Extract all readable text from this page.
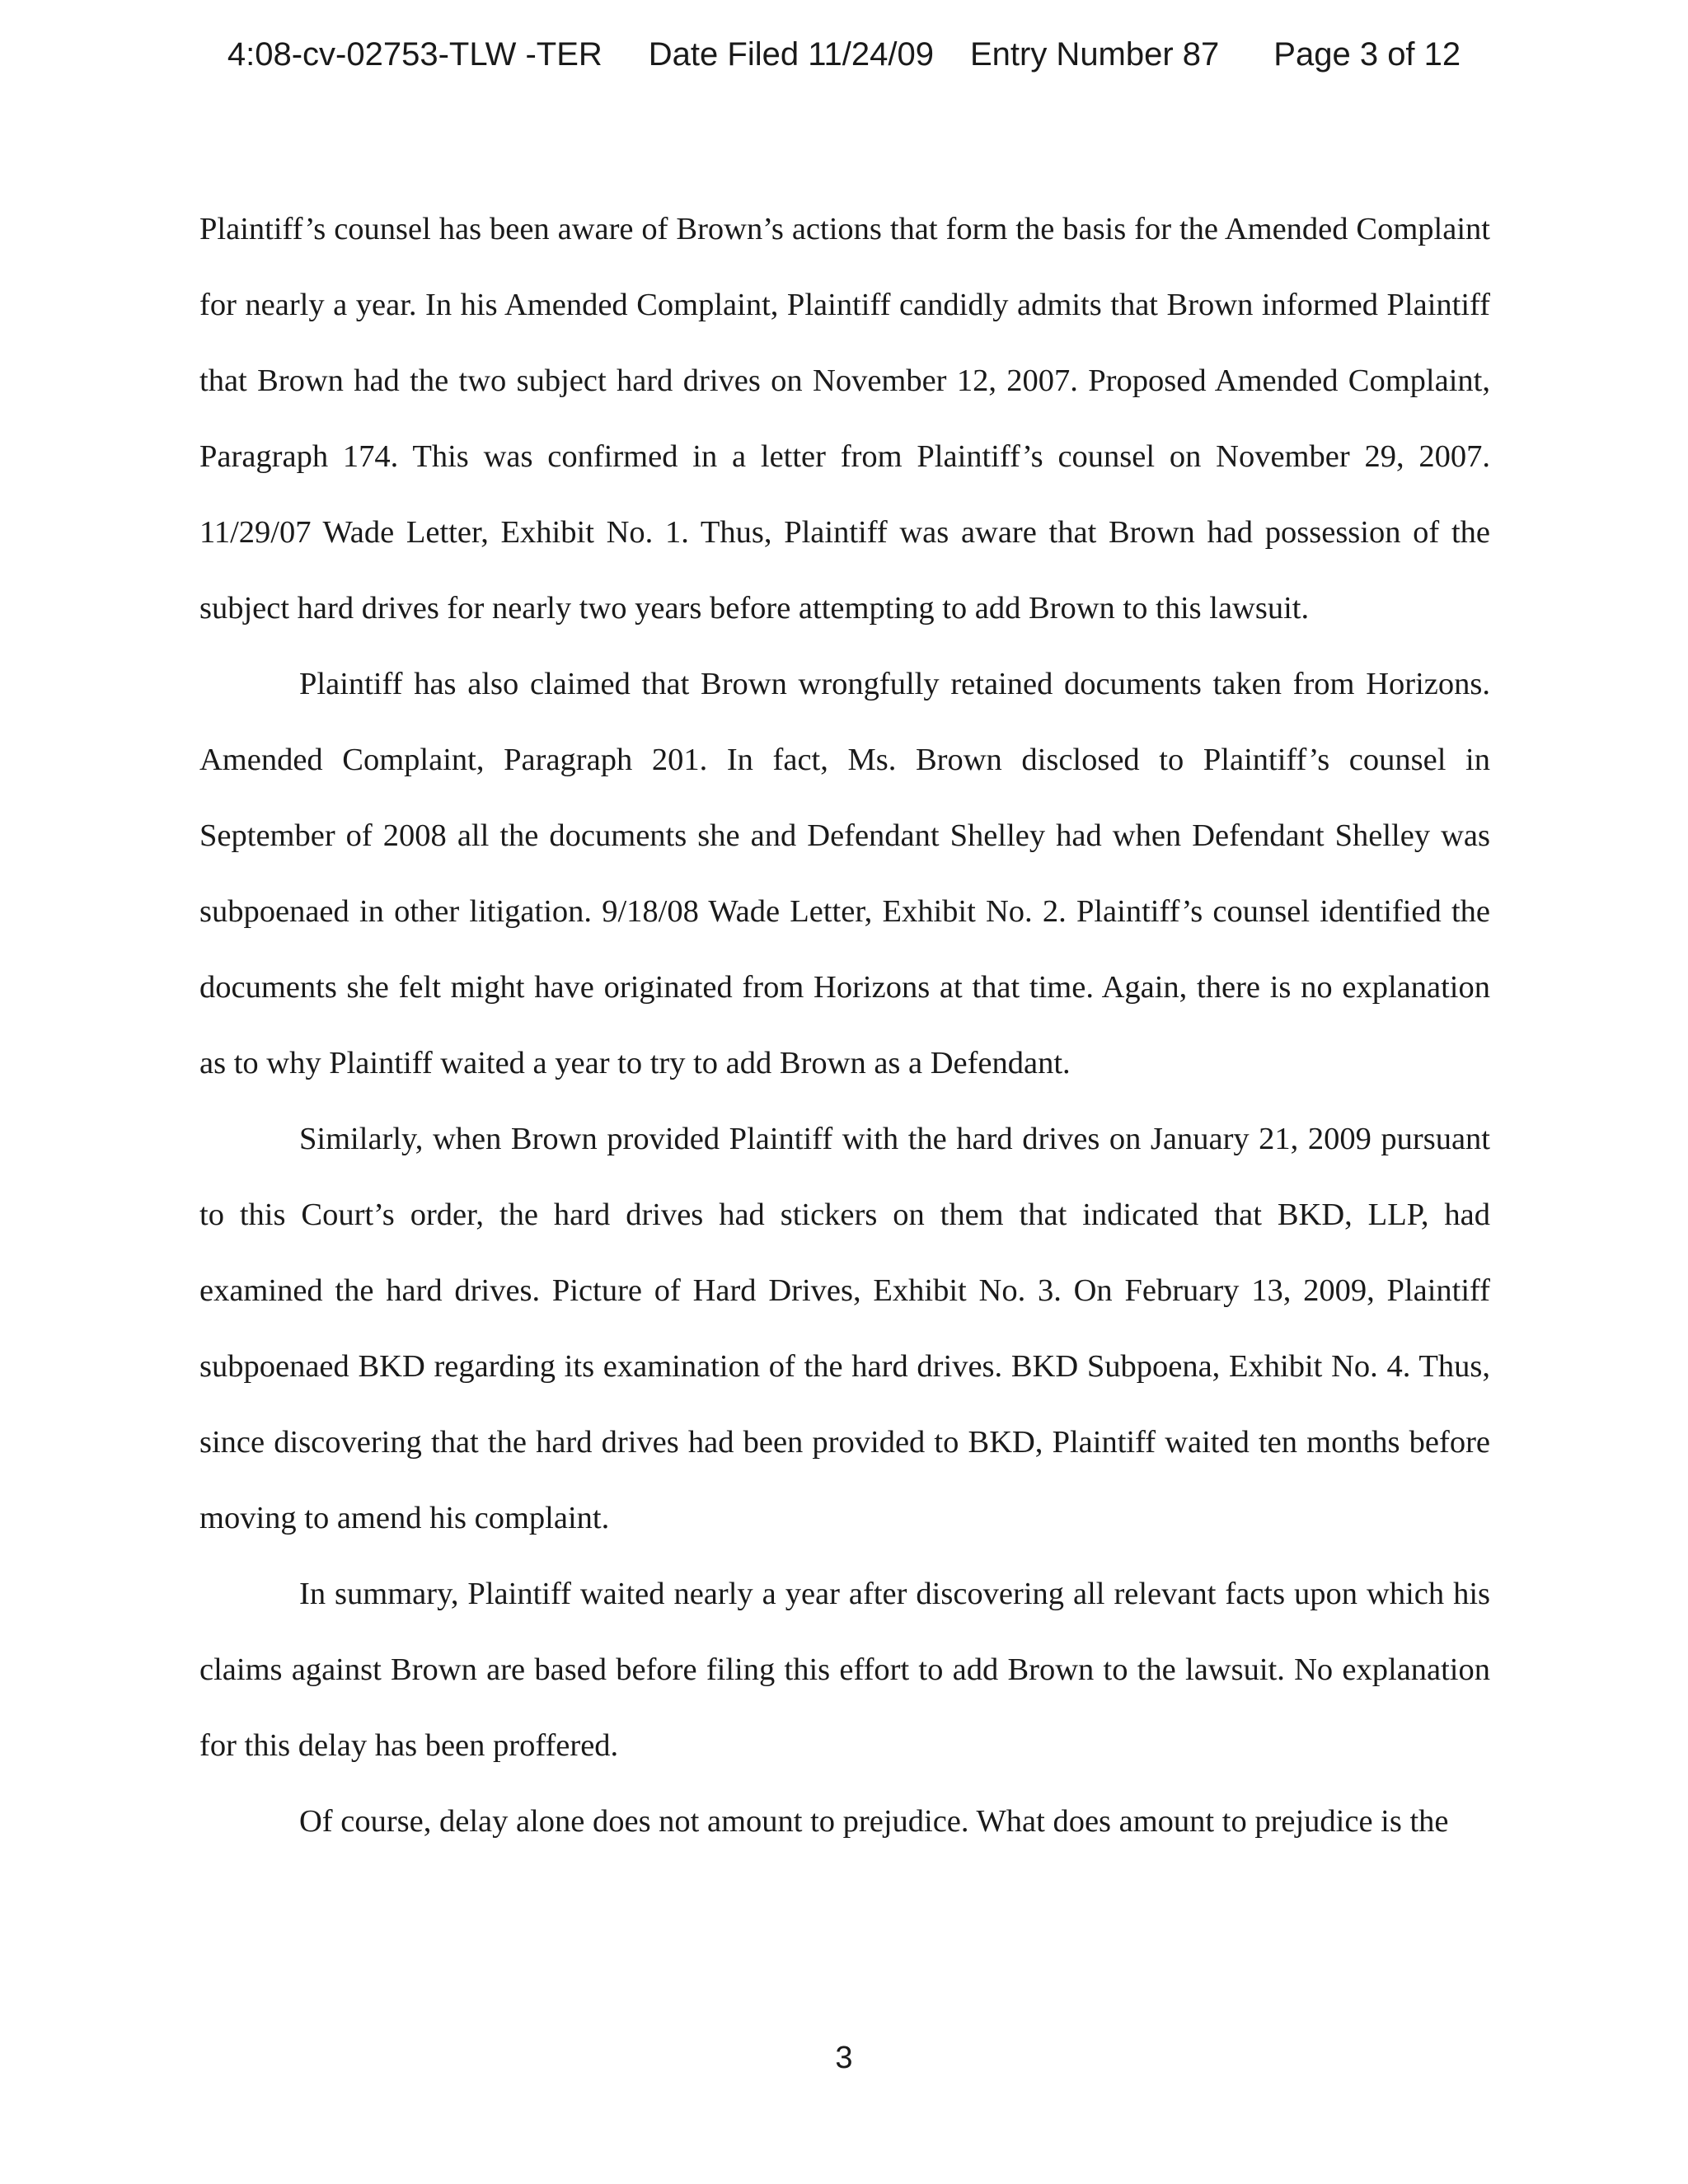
4:08-cv-02753-TLW -TER Date Filed 11/24/09 Entry Number 87 Page 3 of 12

Plaintiff’s counsel has been aware of Brown’s actions that form the basis for the Amended Complaint for nearly a year. In his Amended Complaint, Plaintiff candidly admits that Brown informed Plaintiff that Brown had the two subject hard drives on November 12, 2007. Proposed Amended Complaint, Paragraph 174. This was confirmed in a letter from Plaintiff’s counsel on November 29, 2007. 11/29/07 Wade Letter, Exhibit No. 1. Thus, Plaintiff was aware that Brown had possession of the subject hard drives for nearly two years before attempting to add Brown to this lawsuit.

Plaintiff has also claimed that Brown wrongfully retained documents taken from Horizons. Amended Complaint, Paragraph 201. In fact, Ms. Brown disclosed to Plaintiff’s counsel in September of 2008 all the documents she and Defendant Shelley had when Defendant Shelley was subpoenaed in other litigation. 9/18/08 Wade Letter, Exhibit No. 2. Plaintiff’s counsel identified the documents she felt might have originated from Horizons at that time. Again, there is no explanation as to why Plaintiff waited a year to try to add Brown as a Defendant.

Similarly, when Brown provided Plaintiff with the hard drives on January 21, 2009 pursuant to this Court’s order, the hard drives had stickers on them that indicated that BKD, LLP, had examined the hard drives. Picture of Hard Drives, Exhibit No. 3. On February 13, 2009, Plaintiff subpoenaed BKD regarding its examination of the hard drives. BKD Subpoena, Exhibit No. 4. Thus, since discovering that the hard drives had been provided to BKD, Plaintiff waited ten months before moving to amend his complaint.

In summary, Plaintiff waited nearly a year after discovering all relevant facts upon which his claims against Brown are based before filing this effort to add Brown to the lawsuit. No explanation for this delay has been proffered.

Of course, delay alone does not amount to prejudice. What does amount to prejudice is the

3
